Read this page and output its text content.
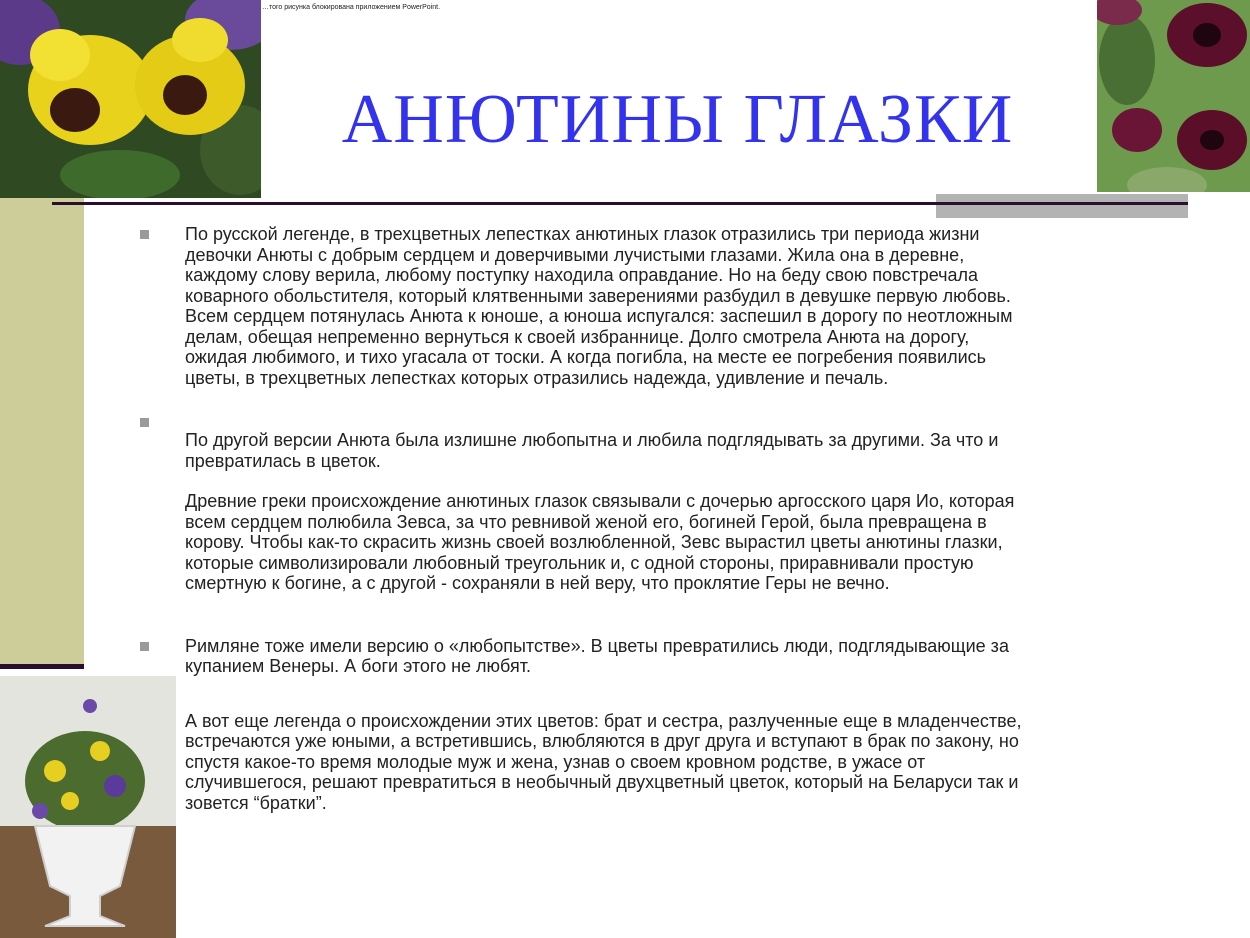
…того рисунка блокирована приложением PowerPoint.
АНЮТИНЫ ГЛАЗКИ

По русской легенде, в трехцветных лепестках анютиных глазок отразились три периода жизни
девочки Анюты с добрым сердцем и доверчивыми лучистыми глазами. Жила она в деревне,
каждому слову верила, любому поступку находила оправдание. Но на беду свою повстречала
коварного обольстителя, который клятвенными заверениями разбудил в девушке первую любовь.
Всем сердцем потянулась Анюта к юноше, а юноша испугался: заспешил в дорогу по неотложным
делам, обещая непременно вернуться к своей избраннице. Долго смотрела Анюта на дорогу,
ожидая любимого, и тихо угасала от тоски. А когда погибла, на месте ее погребения появились
цветы, в трехцветных лепестках которых отразились надежда, удивление и печаль.

По другой версии Анюта была излишне любопытна и любила подглядывать за другими. За что и
превратилась в цветок.

Древние греки происхождение анютиных глазок связывали с дочерью аргосского царя Ио, которая
всем сердцем полюбила Зевса, за что ревнивой женой его, богиней Герой, была превращена в
корову. Чтобы как-то скрасить жизнь своей возлюбленной, Зевс вырастил цветы анютины глазки,
которые символизировали любовный треугольник и, с одной стороны, приравнивали простую
смертную к богине, а с другой - сохраняли в ней веру, что проклятие Геры не вечно.

Римляне тоже имели версию о «любопытстве». В цветы превратились люди, подглядывающие за
купанием Венеры. А боги этого не любят.

А вот еще легенда о происхождении этих цветов: брат и сестра, разлученные еще в младенчестве,
встречаются уже юными, а встретившись, влюбляются в друг друга и вступают в брак по закону, но
спустя какое-то время молодые муж и жена, узнав о своем кровном родстве, в ужасе от
случившегося, решают превратиться в необычный двухцветный цветок, который на Беларуси так и
зовется “братки”.
